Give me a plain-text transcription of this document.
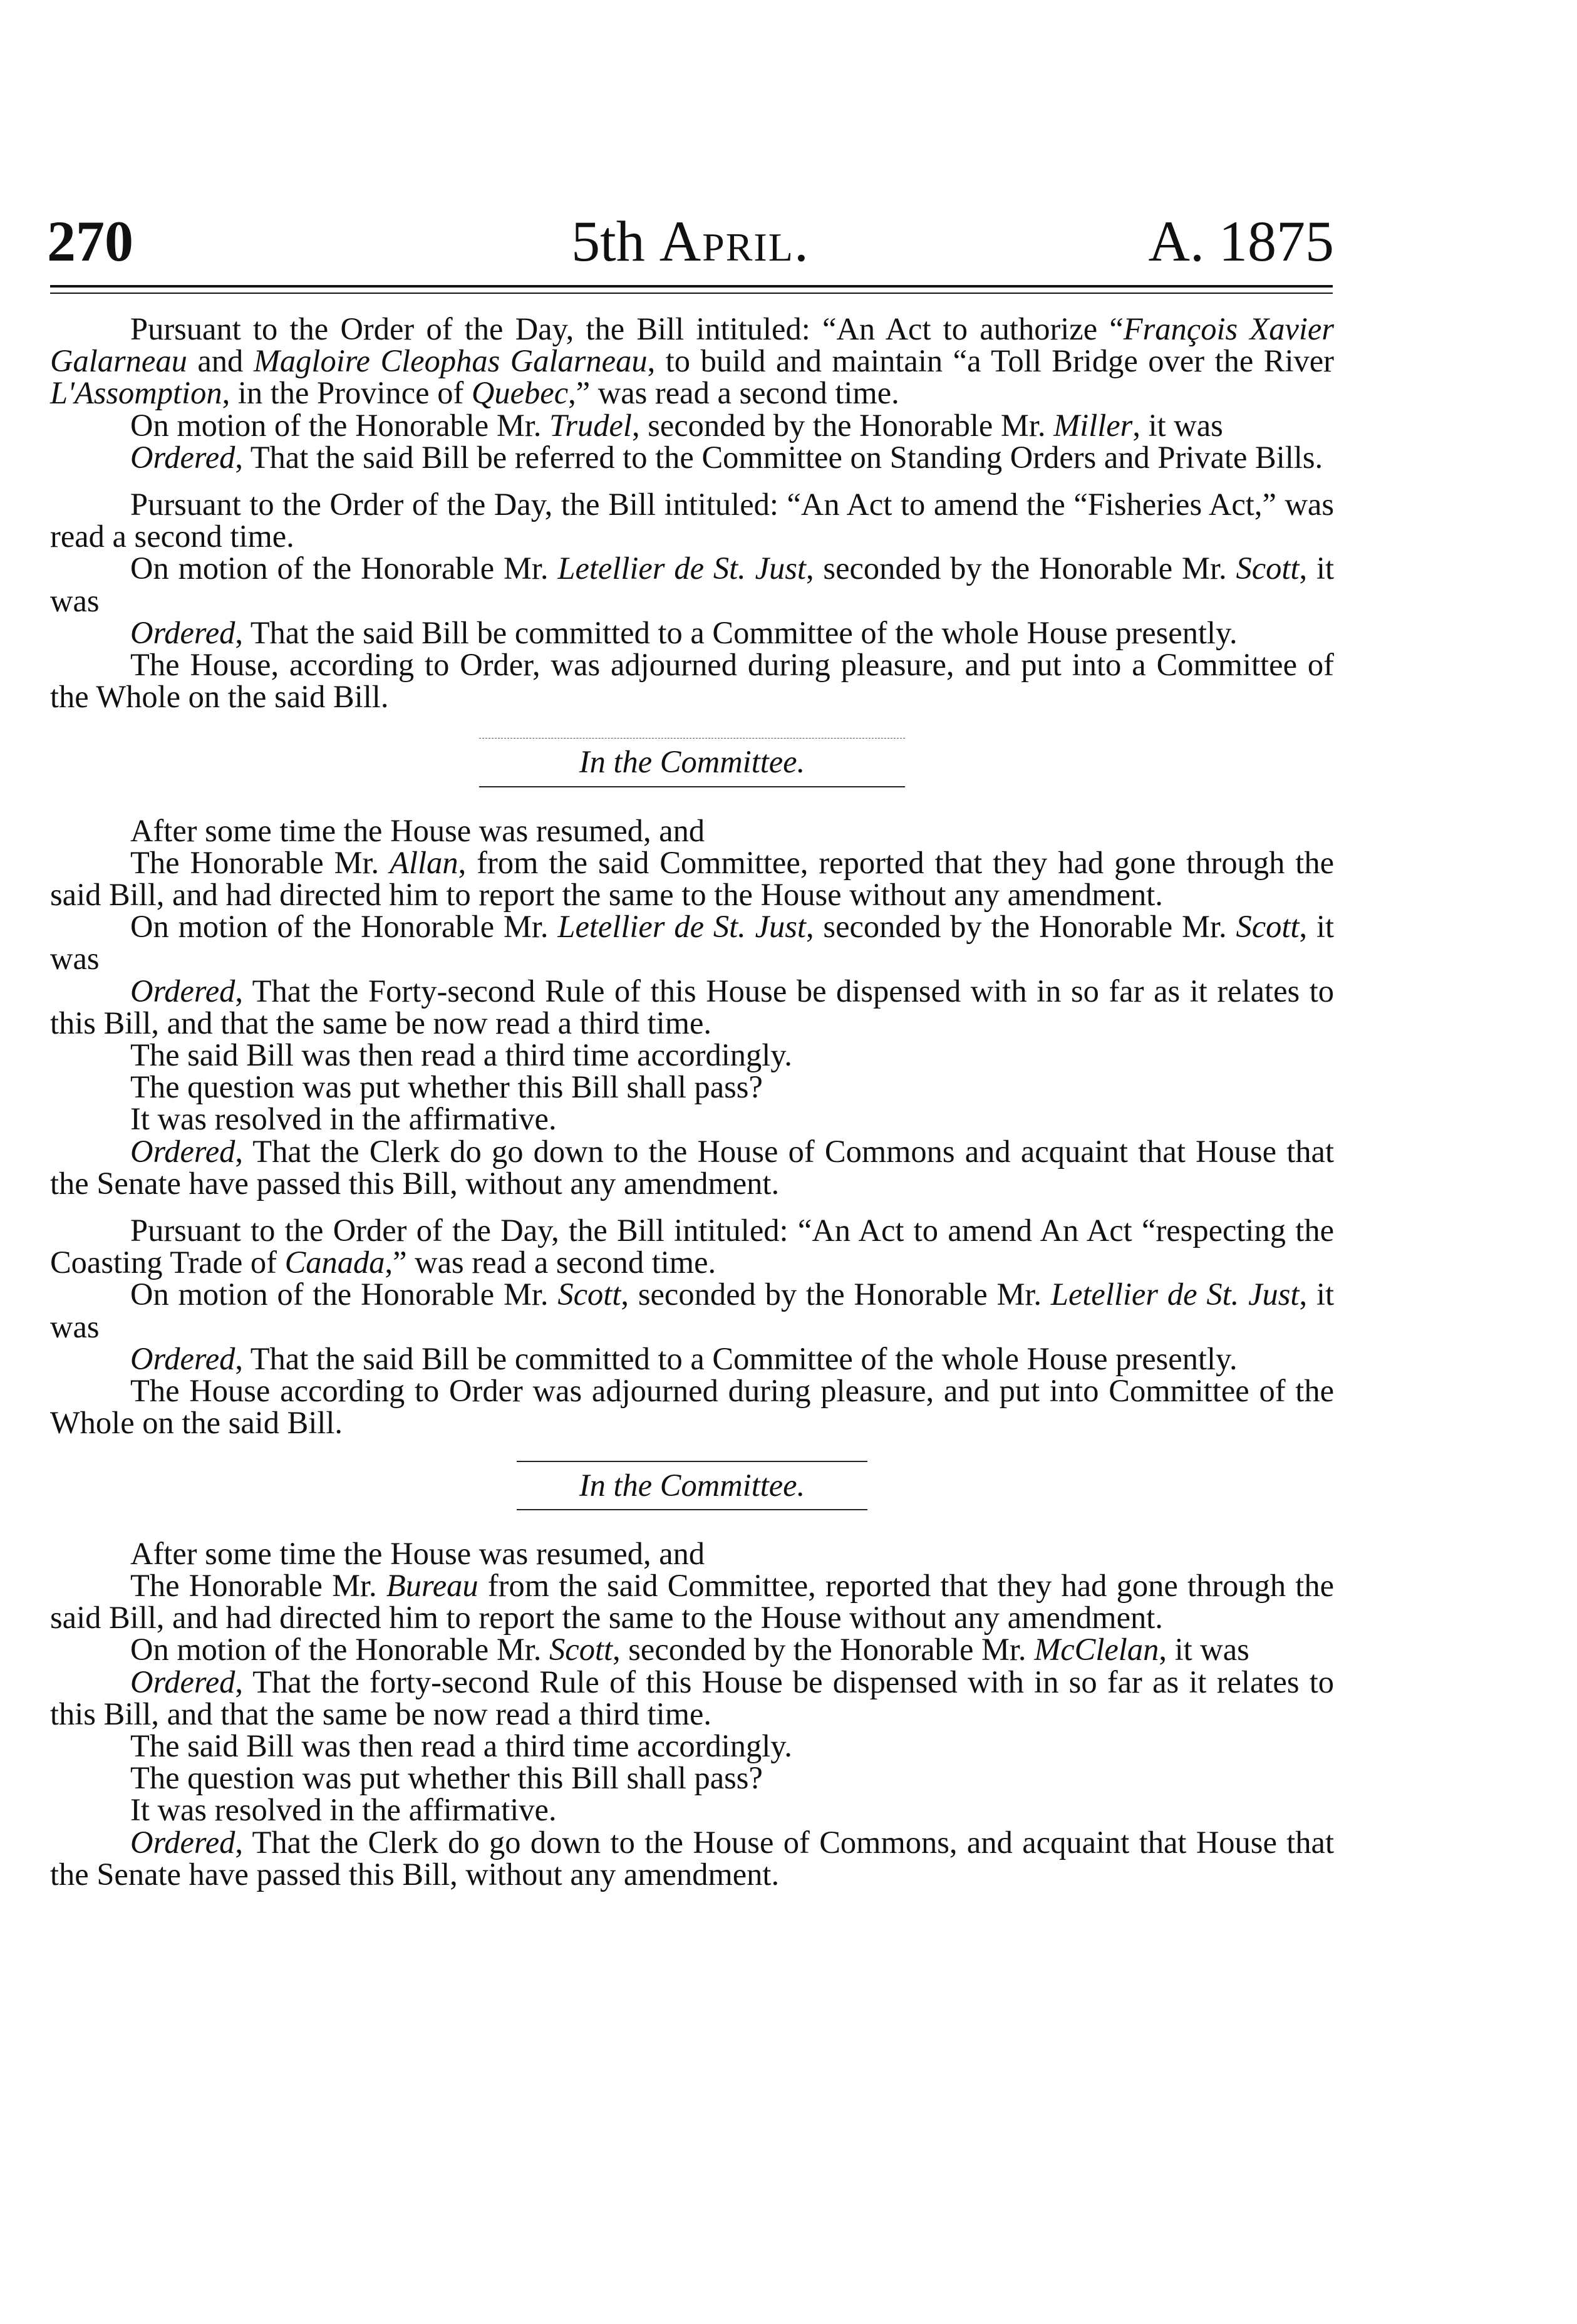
270	5th April.	A. 1875

Pursuant to the Order of the Day, the Bill intituled: “An Act to authorize “François Xavier Galarneau and Magloire Cleophas Galarneau, to build and maintain “a Toll Bridge over the River L'Assomption, in the Province of Quebec,” was read a second time.

On motion of the Honorable Mr. Trudel, seconded by the Honorable Mr. Miller, it was

Ordered, That the said Bill be referred to the Committee on Standing Orders and Private Bills.

Pursuant to the Order of the Day, the Bill intituled: “An Act to amend the “Fisheries Act,” was read a second time.

On motion of the Honorable Mr. Letellier de St. Just, seconded by the Honorable Mr. Scott, it was

Ordered, That the said Bill be committed to a Committee of the whole House presently.

The House, according to Order, was adjourned during pleasure, and put into a Committee of the Whole on the said Bill.

In the Committee.

After some time the House was resumed, and

The Honorable Mr. Allan, from the said Committee, reported that they had gone through the said Bill, and had directed him to report the same to the House without any amendment.

On motion of the Honorable Mr. Letellier de St. Just, seconded by the Honorable Mr. Scott, it was

Ordered, That the Forty-second Rule of this House be dispensed with in so far as it relates to this Bill, and that the same be now read a third time.

The said Bill was then read a third time accordingly.

The question was put whether this Bill shall pass?

It was resolved in the affirmative.

Ordered, That the Clerk do go down to the House of Commons and acquaint that House that the Senate have passed this Bill, without any amendment.

Pursuant to the Order of the Day, the Bill intituled: “An Act to amend An Act “respecting the Coasting Trade of Canada,” was read a second time.

On motion of the Honorable Mr. Scott, seconded by the Honorable Mr. Letellier de St. Just, it was

Ordered, That the said Bill be committed to a Committee of the whole House presently.

The House according to Order was adjourned during pleasure, and put into Committee of the Whole on the said Bill.

In the Committee.

After some time the House was resumed, and

The Honorable Mr. Bureau from the said Committee, reported that they had gone through the said Bill, and had directed him to report the same to the House without any amendment.

On motion of the Honorable Mr. Scott, seconded by the Honorable Mr. McClelan, it was

Ordered, That the forty-second Rule of this House be dispensed with in so far as it relates to this Bill, and that the same be now read a third time.

The said Bill was then read a third time accordingly.

The question was put whether this Bill shall pass?

It was resolved in the affirmative.

Ordered, That the Clerk do go down to the House of Commons, and acquaint that House that the Senate have passed this Bill, without any amendment.
